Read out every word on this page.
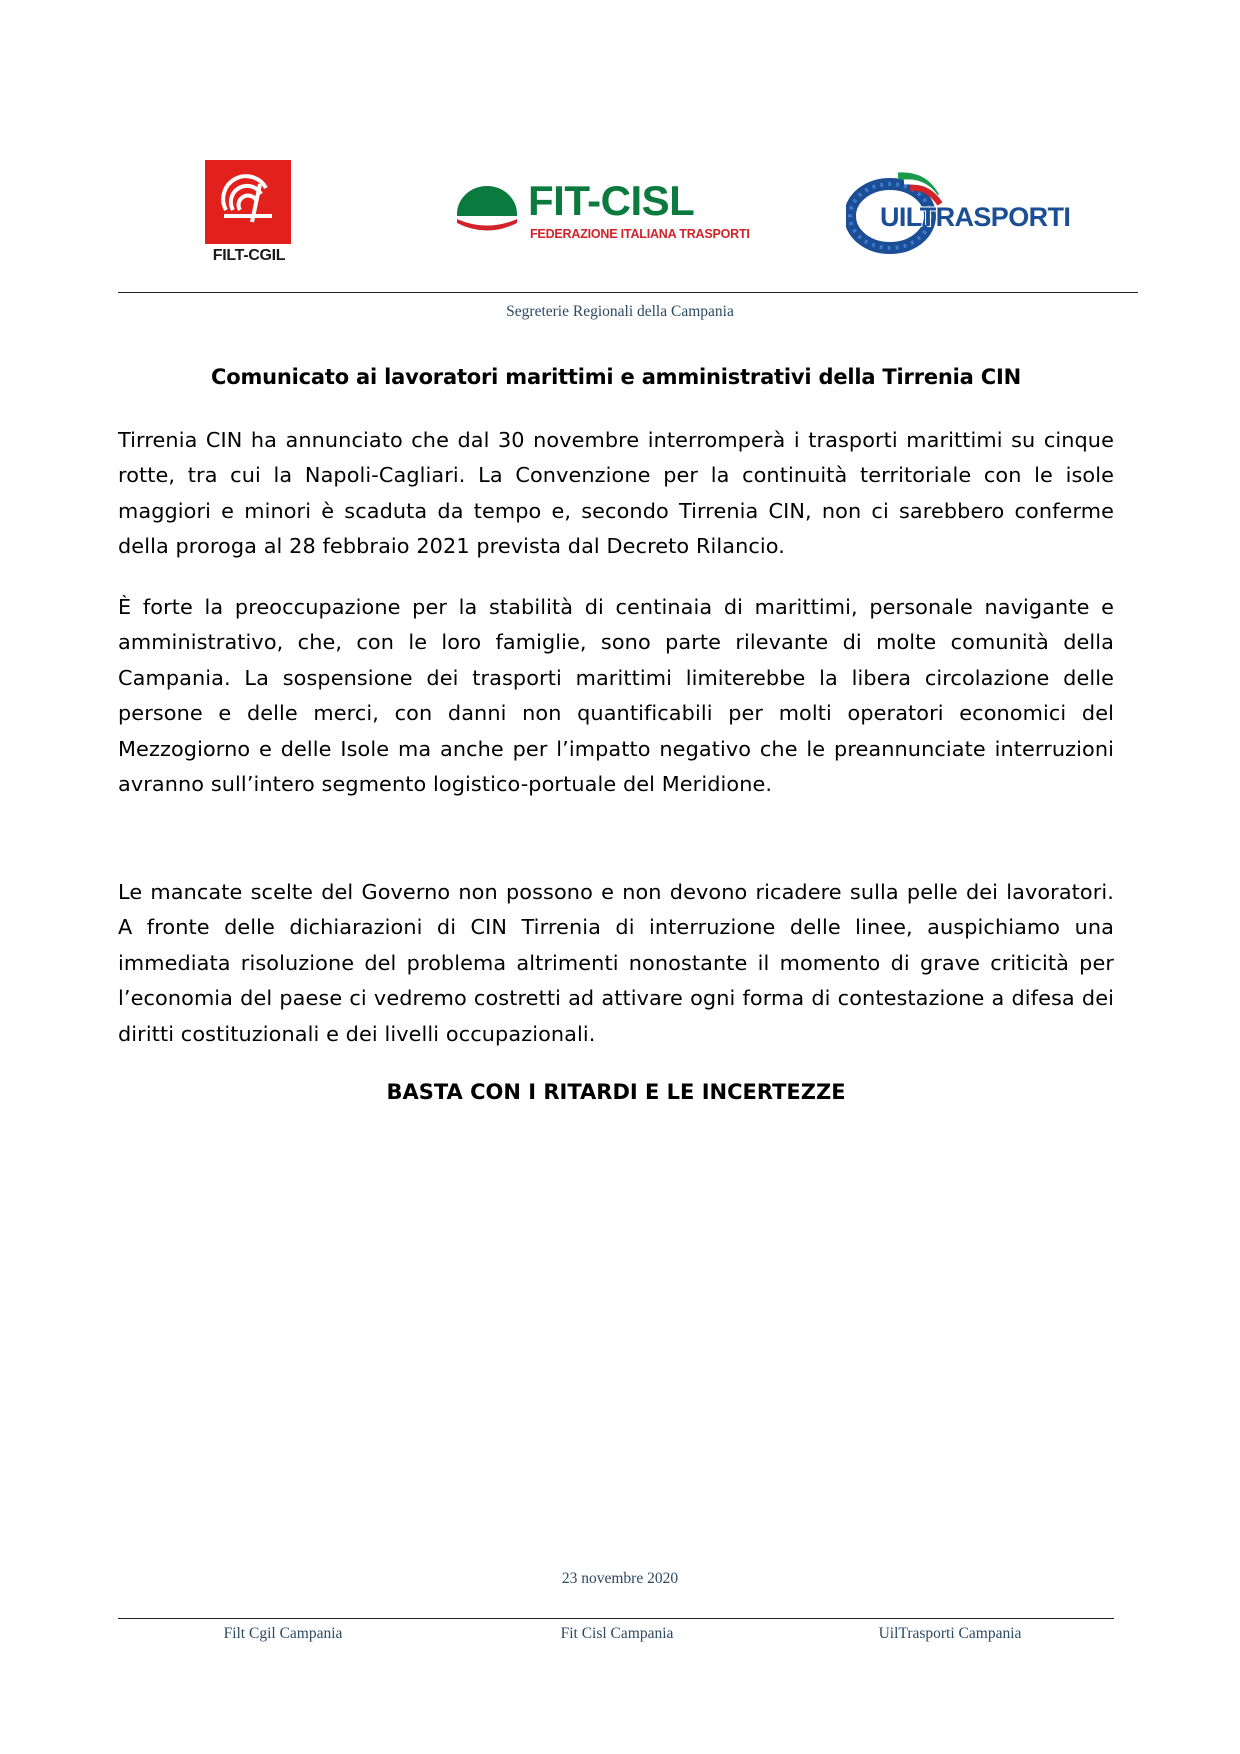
FILT-CGIL
FIT-CISL
FEDERAZIONE ITALIANA TRASPORTI
UILTRASPORTI
Segreterie Regionali della Campania
Comunicato ai lavoratori marittimi e amministrativi della Tirrenia CIN

Tirrenia CIN ha annunciato che dal 30 novembre interromperà i trasporti marittimi su cinque rotte, tra cui la Napoli-Cagliari. La Convenzione per la continuità territoriale con le isole maggiori e minori è scaduta da tempo e, secondo Tirrenia CIN, non ci sarebbero conferme della proroga al 28 febbraio 2021 prevista dal Decreto Rilancio.

È forte la preoccupazione per la stabilità di centinaia di marittimi, personale navigante e amministrativo, che, con le loro famiglie, sono parte rilevante di molte comunità della Campania. La sospensione dei trasporti marittimi limiterebbe la libera circolazione delle persone e delle merci, con danni non quantificabili per molti operatori economici del Mezzogiorno e delle Isole ma anche per l’impatto negativo che le preannunciate interruzioni avranno sull’intero segmento logistico-portuale del Meridione.

Le mancate scelte del Governo non possono e non devono ricadere sulla pelle dei lavoratori. A fronte delle dichiarazioni di CIN Tirrenia di interruzione delle linee, auspichiamo una immediata risoluzione del problema altrimenti nonostante il momento di grave criticità per l’economia del paese ci vedremo costretti ad attivare ogni forma di contestazione a difesa dei diritti costituzionali e dei livelli occupazionali.

BASTA CON I RITARDI E LE INCERTEZZE
23 novembre 2020
Filt Cgil Campania	Fit Cisl Campania	UilTrasporti Campania
